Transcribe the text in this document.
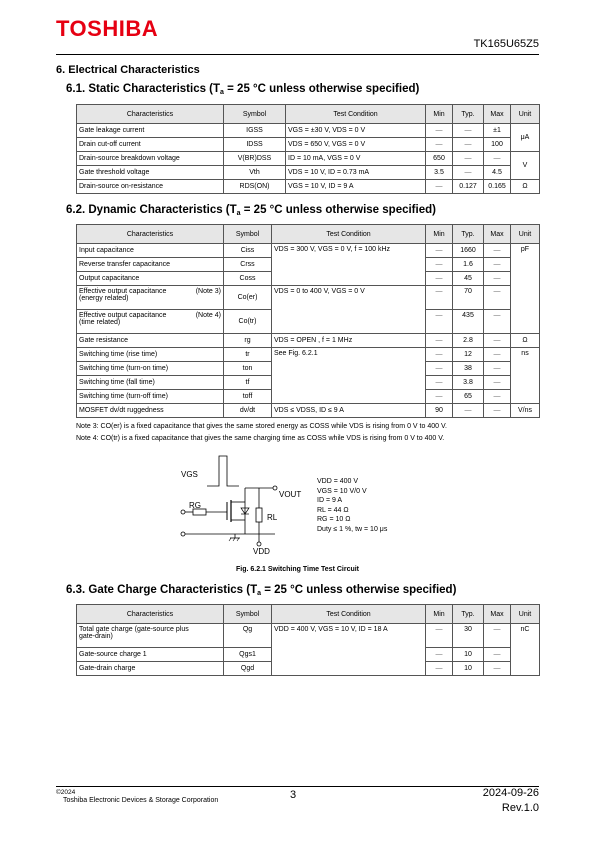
TOSHIBA
TK165U65Z5
6. Electrical Characteristics
6.1. Static Characteristics ($T_a = 25$ °C unless otherwise specified)
Characteristics	Symbol	Test Condition	Min	Typ.	Max	Unit
Gate leakage current	IGSS	VGS = ±30 V, VDS = 0 V	―	―	±1	μA
Drain cut-off current	IDSS	VDS = 650 V, VGS = 0 V	―	―	100	
Drain-source breakdown voltage	V(BR)DSS	ID = 10 mA, VGS = 0 V	650	―	―	V
Gate threshold voltage	Vth	VDS = 10 V, ID = 0.73 mA	3.5	―	4.5	
Drain-source on-resistance	RDS(ON)	VGS = 10 V, ID = 9 A	―	0.127	0.165	Ω
6.2. Dynamic Characteristics ($T_a = 25$ °C unless otherwise specified)
Characteristics	Symbol	Test Condition	Min	Typ.	Max	Unit
Input capacitance	Ciss	VDS = 300 V, VGS = 0 V, f = 100 kHz	―	1660	―	pF
Reverse transfer capacitance	Crss		―	1.6	―	
Output capacitance	Coss		―	45	―	
Effective output capacitance (Note 3)

(energy related)	Co(er)	VDS = 0 to 400 V, VGS = 0 V	―	70	―	
Effective output capacitance (Note 4)

(time related)	Co(tr)		―	435	―	
Gate resistance	rg	VDS = OPEN , f = 1 MHz	―	2.8	―	Ω
Switching time (rise time)	tr	See Fig. 6.2.1	―	12	―	ns
Switching time (turn-on time)	ton		―	38	―	
Switching time (fall time)	tf		―	3.8	―	
Switching time (turn-off time)	toff		―	65	―	
MOSFET dv/dt ruggedness	dv/dt	VDS ≤ VDSS, ID ≤ 9 A	90	―	―	V/ns
Note 3: CO(er) is a fixed capacitance that gives the same stored energy as COSS while VDS is rising from 0 V to 400 V.
Note 4: CO(tr) is a fixed capacitance that gives the same charging time as COSS while VDS is rising from 0 V to 400 V.
VGS
RG
VOUT
RL
VDD
VDD = 400 V
VGS = 10 V/0 V
ID = 9 A
RL = 44 Ω
RG = 10 Ω
Duty ≤ 1 %, tw = 10 μs
Fig. 6.2.1 Switching Time Test Circuit
6.3. Gate Charge Characteristics ($T_a = 25$ °C unless otherwise specified)
Characteristics	Symbol	Test Condition	Min	Typ.	Max	Unit
Total gate charge (gate-source plus
gate-drain)	Qg	VDD = 400 V, VGS = 10 V, ID = 18 A	―	30	―	nC
Gate-source charge 1	Qgs1		―	10	―	
Gate-drain charge	Qgd		―	10	―	
©2024
Toshiba Electronic Devices & Storage Corporation	3	2024-09-26
Rev.1.0
